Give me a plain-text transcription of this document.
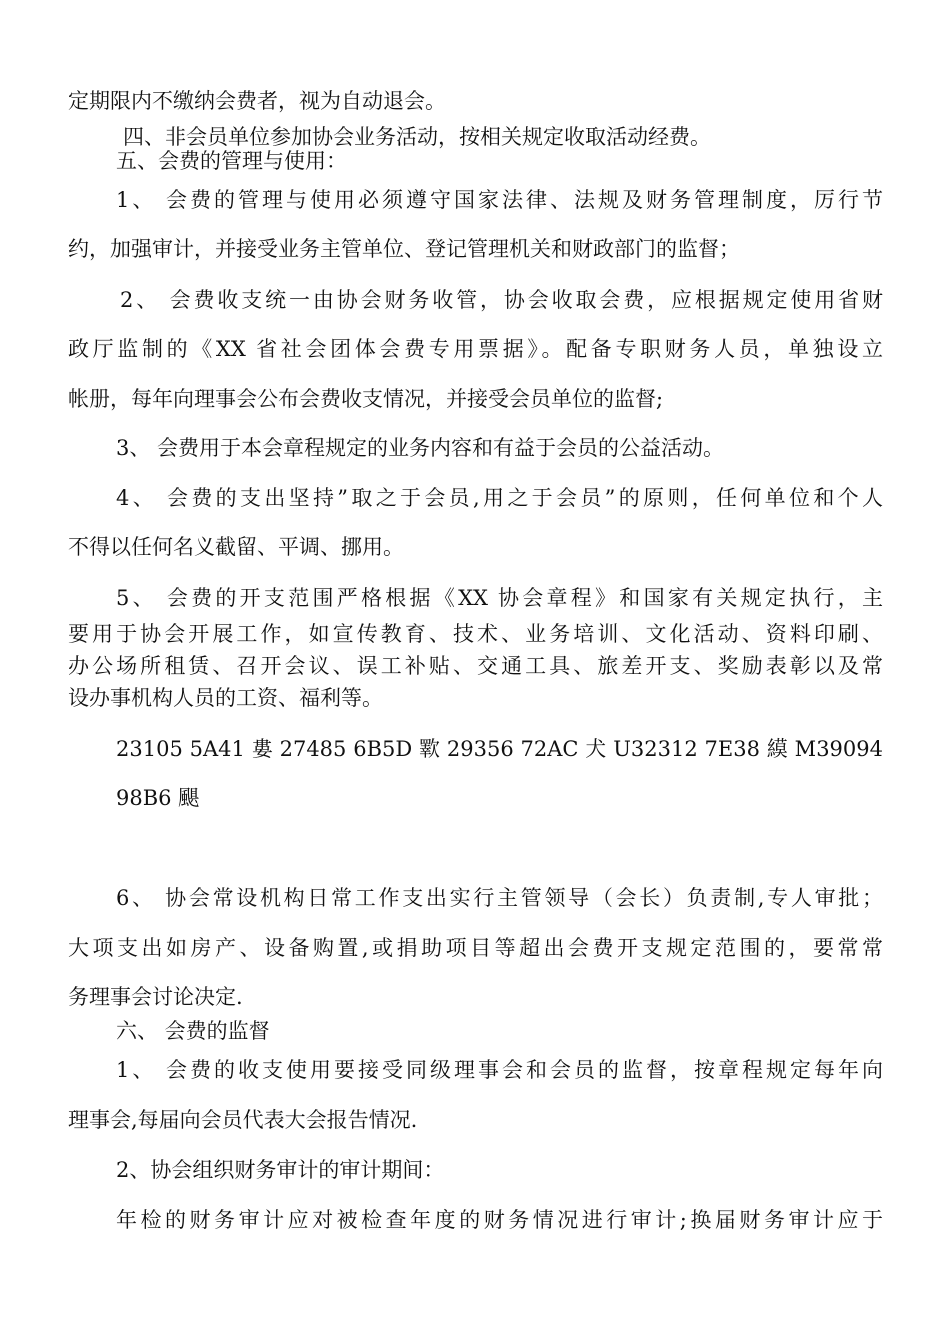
定期限内不缴纳会费者，视为自动退会。
四、非会员单位参加协会业务活动，按相关规定收取活动经费。
五、会费的管理与使用：
1、 会费的管理与使用必须遵守国家法律、法规及财务管理制度，厉行节
约，加强审计，并接受业务主管单位、登记管理机关和财政部门的监督；
2、 会费收支统一由协会财务收管，协会收取会费，应根据规定使用省财
政厅监制的《XX 省社会团体会费专用票据》。配备专职财务人员，单独设立
帐册，每年向理事会公布会费收支情况，并接受会员单位的监督;
3、 会费用于本会章程规定的业务内容和有益于会员的公益活动。
4、 会费的支出坚持”取之于会员,用之于会员”的原则，任何单位和个人
不得以任何名义截留、平调、挪用。
5、 会费的开支范围严格根据《XX 协会章程》和国家有关规定执行，主
要用于协会开展工作，如宣传教育、技术、业务培训、文化活动、资料印刷、
办公场所租赁、召开会议、误工补贴、交通工具、旅差开支、奖励表彰以及常
设办事机构人员的工资、福利等。
23105 5A41 婁 27485 6B5D 歝 29356 72AC 犬 U32312 7E38 縸 M39094
98B6 颶
6、 协会常设机构日常工作支出实行主管领导（会长）负责制,专人审批；
大项支出如房产、设备购置,或捐助项目等超出会费开支规定范围的，要常常
务理事会讨论决定.
六、 会费的监督
1、 会费的收支使用要接受同级理事会和会员的监督，按章程规定每年向
理事会,每届向会员代表大会报告情况.
2、协会组织财务审计的审计期间：
年检的财务审计应对被检查年度的财务情况进行审计;换届财务审计应于
